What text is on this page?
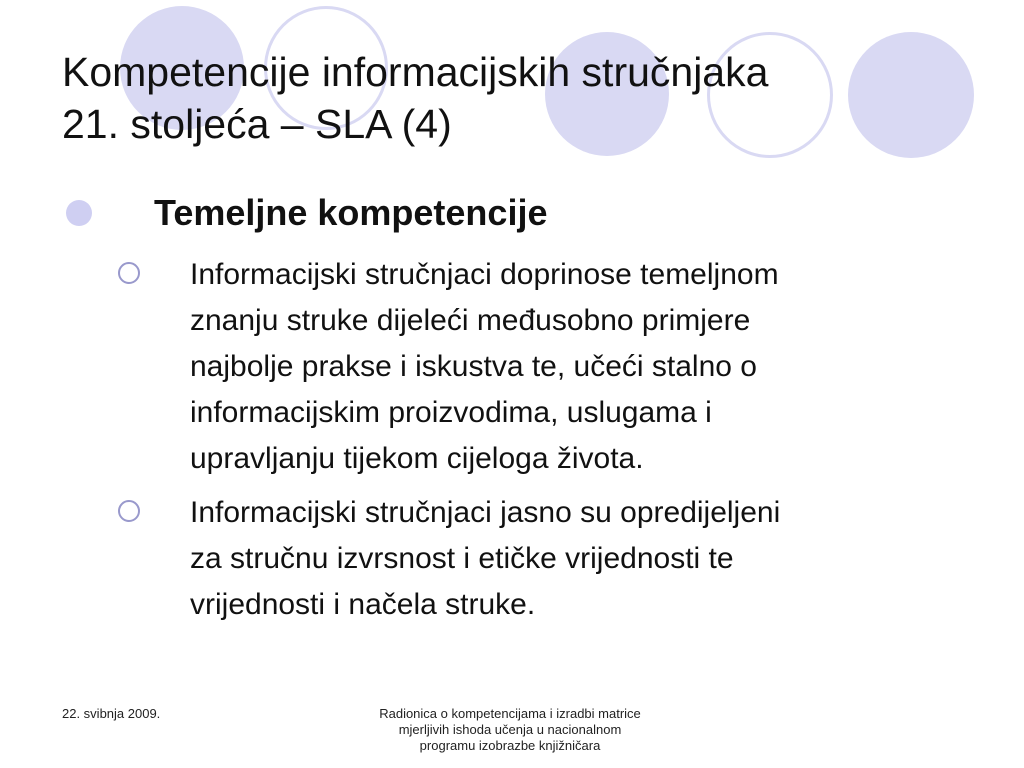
Kompetencije informacijskih stručnjaka
21. stoljeća – SLA (4)
Temeljne kompetencije
Informacijski stručnjaci doprinose temeljnom
znanju struke dijeleći međusobno primjere
najbolje prakse i iskustva te, učeći stalno o
informacijskim proizvodima, uslugama i
upravljanju tijekom cijeloga života.
Informacijski stručnjaci jasno su opredijeljeni
za stručnu izvrsnost i etičke vrijednosti te
vrijednosti i načela struke.
22. svibnja 2009.	Radionica o kompetencijama i izradbi matrice
mjerljivih ishoda učenja u nacionalnom
programu izobrazbe knjižničara
